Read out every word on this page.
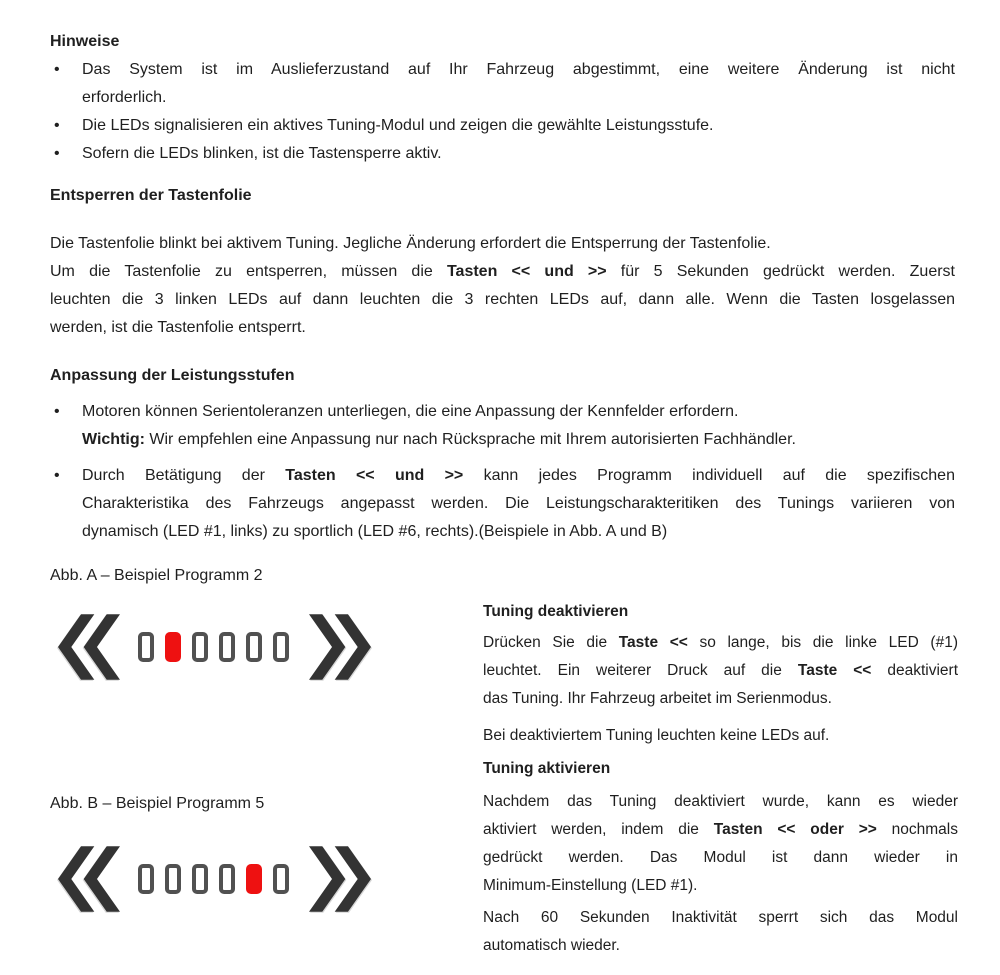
Hinweise
•	Das System ist im Auslieferzustand auf Ihr Fahrzeug abgestimmt, eine weitere Änderung ist nicht
erforderlich.
•	Die LEDs signalisieren ein aktives Tuning-Modul und zeigen die gewählte Leistungsstufe.
•	Sofern die LEDs blinken, ist die Tastensperre aktiv.
Entsperren der Tastenfolie
Die Tastenfolie blinkt bei aktivem Tuning. Jegliche Änderung erfordert die Entsperrung der Tastenfolie.
Um die Tastenfolie zu entsperren, müssen die Tasten << und >> für 5 Sekunden gedrückt werden. Zuerst
leuchten die 3 linken LEDs auf dann leuchten die 3 rechten LEDs auf, dann alle. Wenn die Tasten losgelassen
werden, ist die Tastenfolie entsperrt.
Anpassung der Leistungsstufen
•	Motoren können Serientoleranzen unterliegen, die eine Anpassung der Kennfelder erfordern.
Wichtig: Wir empfehlen eine Anpassung nur nach Rücksprache mit Ihrem autorisierten Fachhändler.
•	Durch Betätigung der Tasten << und >> kann jedes Programm individuell auf die spezifischen
Charakteristika des Fahrzeugs angepasst werden. Die Leistungscharakteritiken des Tunings variieren von
dynamisch (LED #1, links) zu sportlich (LED #6, rechts).(Beispiele in Abb. A und B)
Abb. A – Beispiel Programm 2
Abb. B – Beispiel Programm 5
Tuning deaktivieren
Drücken Sie die Taste << so lange, bis die linke LED (#1)
leuchtet. Ein weiterer Druck auf die Taste << deaktiviert
das Tuning. Ihr Fahrzeug arbeitet im Serienmodus.
Bei deaktiviertem Tuning leuchten keine LEDs auf.
Tuning aktivieren
Nachdem das Tuning deaktiviert wurde, kann es wieder
aktiviert werden, indem die Tasten << oder >> nochmals
gedrückt werden. Das Modul ist dann wieder in
Minimum-Einstellung (LED #1).
Nach 60 Sekunden Inaktivität sperrt sich das Modul
automatisch wieder.
